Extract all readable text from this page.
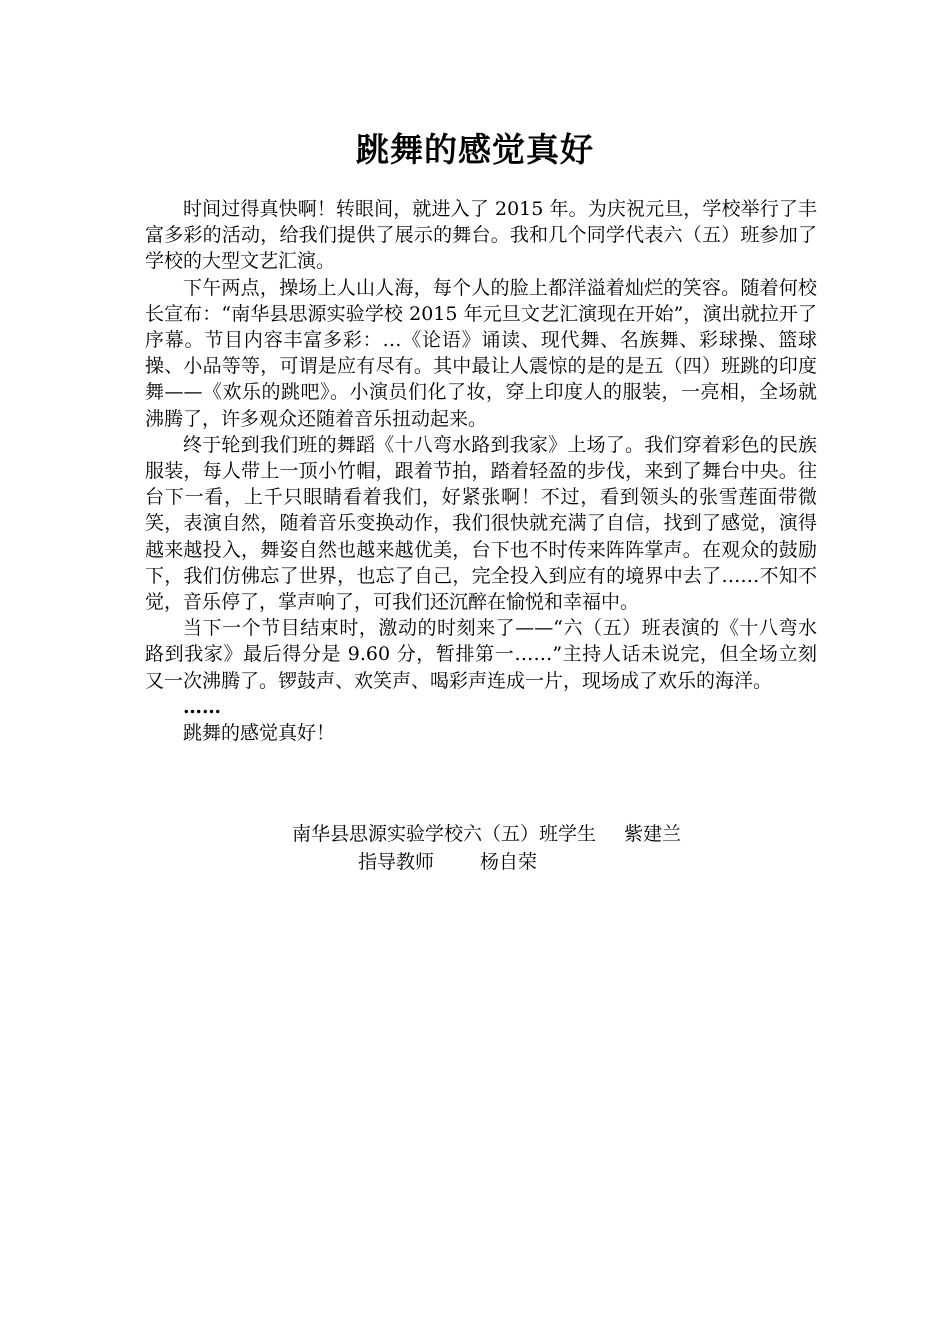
跳舞的感觉真好

时间过得真快啊！转眼间，就进入了 2015 年。为庆祝元旦，学校举行了丰富多彩的活动，给我们提供了展示的舞台。我和几个同学代表六（五）班参加了学校的大型文艺汇演。

下午两点，操场上人山人海，每个人的脸上都洋溢着灿烂的笑容。随着何校长宣布：“南华县思源实验学校 2015 年元旦文艺汇演现在开始”，演出就拉开了序幕。节目内容丰富多彩：…《论语》诵读、现代舞、名族舞、彩球操、篮球操、小品等等，可谓是应有尽有。其中最让人震惊的是的是五（四）班跳的印度舞——《欢乐的跳吧》。小演员们化了妆，穿上印度人的服装，一亮相，全场就沸腾了，许多观众还随着音乐扭动起来。

终于轮到我们班的舞蹈《十八弯水路到我家》上场了。我们穿着彩色的民族服装，每人带上一顶小竹帽，跟着节拍，踏着轻盈的步伐，来到了舞台中央。往台下一看，上千只眼睛看着我们，好紧张啊！不过，看到领头的张雪莲面带微笑，表演自然，随着音乐变换动作，我们很快就充满了自信，找到了感觉，演得越来越投入，舞姿自然也越来越优美，台下也不时传来阵阵掌声。在观众的鼓励下，我们仿佛忘了世界，也忘了自己，完全投入到应有的境界中去了……不知不觉，音乐停了，掌声响了，可我们还沉醉在愉悦和幸福中。

当下一个节目结束时，激动的时刻来了——“六（五）班表演的《十八弯水路到我家》最后得分是 9.60 分，暂排第一……”主持人话未说完，但全场立刻又一次沸腾了。锣鼓声、欢笑声、喝彩声连成一片，现场成了欢乐的海洋。

……

跳舞的感觉真好！

南华县思源实验学校六（五）班学生 紫建兰
指导教师 杨自荣
